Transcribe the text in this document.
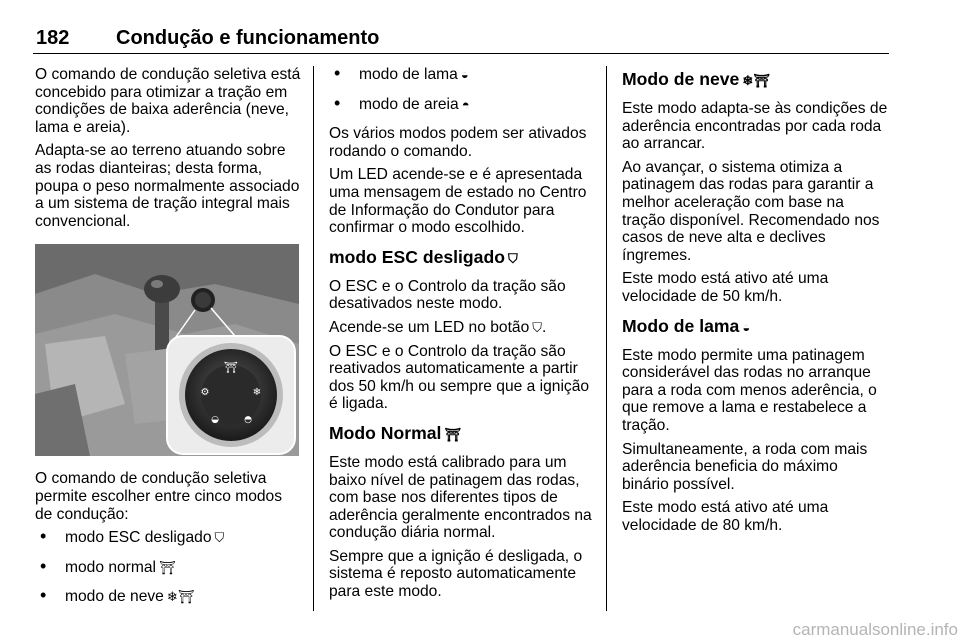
182 Condução e funcionamento

O comando de condução seletiva está concebido para otimizar a tração em condições de baixa aderência (neve, lama e areia).

Adapta-se ao terreno atuando sobre as rodas dianteiras; desta forma, poupa o peso normalmente associado a um sistema de tração integral mais convencional.

⛩
⚙	❄
◒	◓

O comando de condução seletiva permite escolher entre cinco modos de condução:

• modo ESC desligado ⛉
• modo normal ⛩
• modo de neve ❄⛩
• modo de lama ◒
• modo de areia ◓

Os vários modos podem ser ativados rodando o comando.

Um LED acende-se e é apresentada uma mensagem de estado no Centro de Informação do Condutor para confirmar o modo escolhido.

modo ESC desligado ⛉

O ESC e o Controlo da tração são desativados neste modo.

Acende-se um LED no botão ⛉.

O ESC e o Controlo da tração são reativados automaticamente a partir dos 50 km/h ou sempre que a ignição é ligada.

Modo Normal ⛩

Este modo está calibrado para um baixo nível de patinagem das rodas, com base nos diferentes tipos de aderência geralmente encontrados na condução diária normal.

Sempre que a ignição é desligada, o sistema é reposto automaticamente para este modo.

Modo de neve ❄⛩

Este modo adapta-se às condições de aderência encontradas por cada roda ao arrancar.

Ao avançar, o sistema otimiza a patinagem das rodas para garantir a melhor aceleração com base na tração disponível. Recomendado nos casos de neve alta e declives íngremes.

Este modo está ativo até uma velocidade de 50 km/h.

Modo de lama ◒

Este modo permite uma patinagem considerável das rodas no arranque para a roda com menos aderência, o que remove a lama e restabelece a tração.

Simultaneamente, a roda com mais aderência beneficia do máximo binário possível.

Este modo está ativo até uma velocidade de 80 km/h.

carmanualsonline.info
